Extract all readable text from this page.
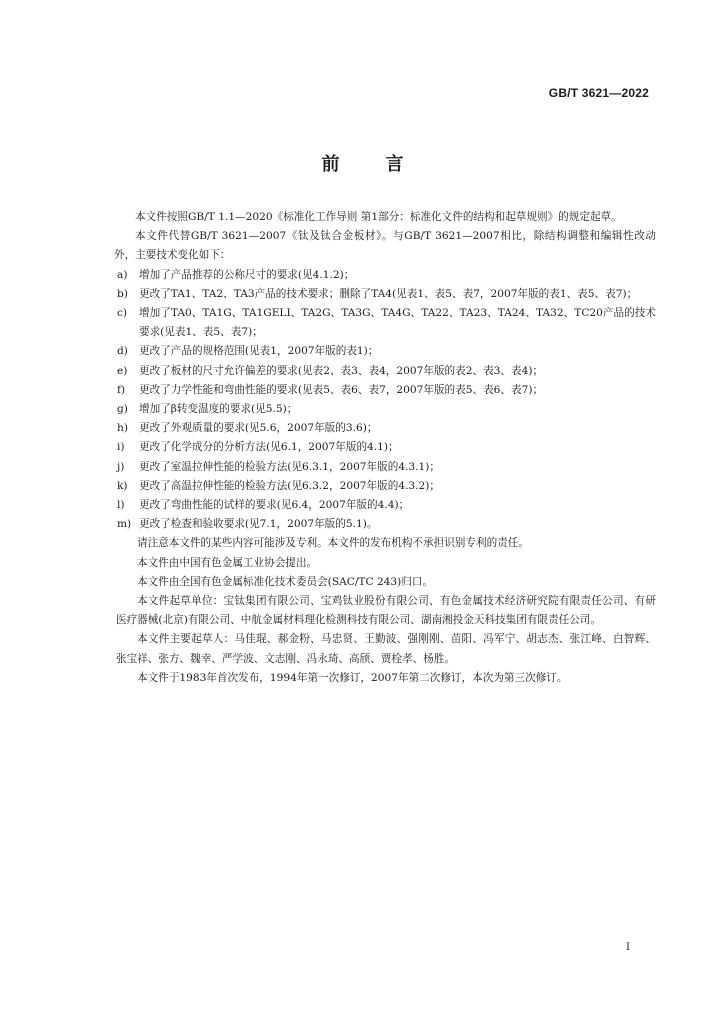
GB/T 3621—2022
前言

本文件按照GB/T 1.1—2020《标准化工作导则 第1部分：标准化文件的结构和起草规则》的规定起草。

本文件代替GB/T 3621—2007《钛及钛合金板材》。与GB/T 3621—2007相比，除结构调整和编辑性改动外，主要技术变化如下：

a)	增加了产品推荐的公称尺寸的要求(见4.1.2)；
b)	更改了TA1、TA2、TA3产品的技术要求；删除了TA4(见表1、表5、表7，2007年版的表1、表5、表7)；
c)	增加了TA0、TA1G、TA1GELI、TA2G、TA3G、TA4G、TA22、TA23、TA24、TA32、TC20产品的技术要求(见表1、表5、表7)；
d)	更改了产品的规格范围(见表1，2007年版的表1)；
e)	更改了板材的尺寸允许偏差的要求(见表2、表3、表4，2007年版的表2、表3、表4)；
f)	更改了力学性能和弯曲性能的要求(见表5、表6、表7，2007年版的表5、表6、表7)；
g)	增加了β转变温度的要求(见5.5)；
h)	更改了外观质量的要求(见5.6，2007年版的3.6)；
i)	更改了化学成分的分析方法(见6.1，2007年版的4.1)；
j)	更改了室温拉伸性能的检验方法(见6.3.1，2007年版的4.3.1)；
k)	更改了高温拉伸性能的检验方法(见6.3.2，2007年版的4.3.2)；
l)	更改了弯曲性能的试样的要求(见6.4，2007年版的4.4)；
m) 更改了检查和验收要求(见7.1，2007年版的5.1)。

请注意本文件的某些内容可能涉及专利。本文件的发布机构不承担识别专利的责任。

本文件由中国有色金属工业协会提出。

本文件由全国有色金属标准化技术委员会(SAC/TC 243)归口。

本文件起草单位：宝钛集团有限公司、宝鸡钛业股份有限公司、有色金属技术经济研究院有限责任公司、有研医疗器械(北京)有限公司、中航金属材料理化检测科技有限公司、湖南湘投金天科技集团有限责任公司。

本文件主要起草人：马佳琨、郝金粉、马忠贤、王勤波、强刚刚、苗阳、冯军宁、胡志杰、张江峰、白智辉、张宝祥、张方、魏幸、严学波、文志刚、冯永琦、高颀、贾栓孝、杨胜。

本文件于1983年首次发布，1994年第一次修订，2007年第二次修订，本次为第三次修订。

I
